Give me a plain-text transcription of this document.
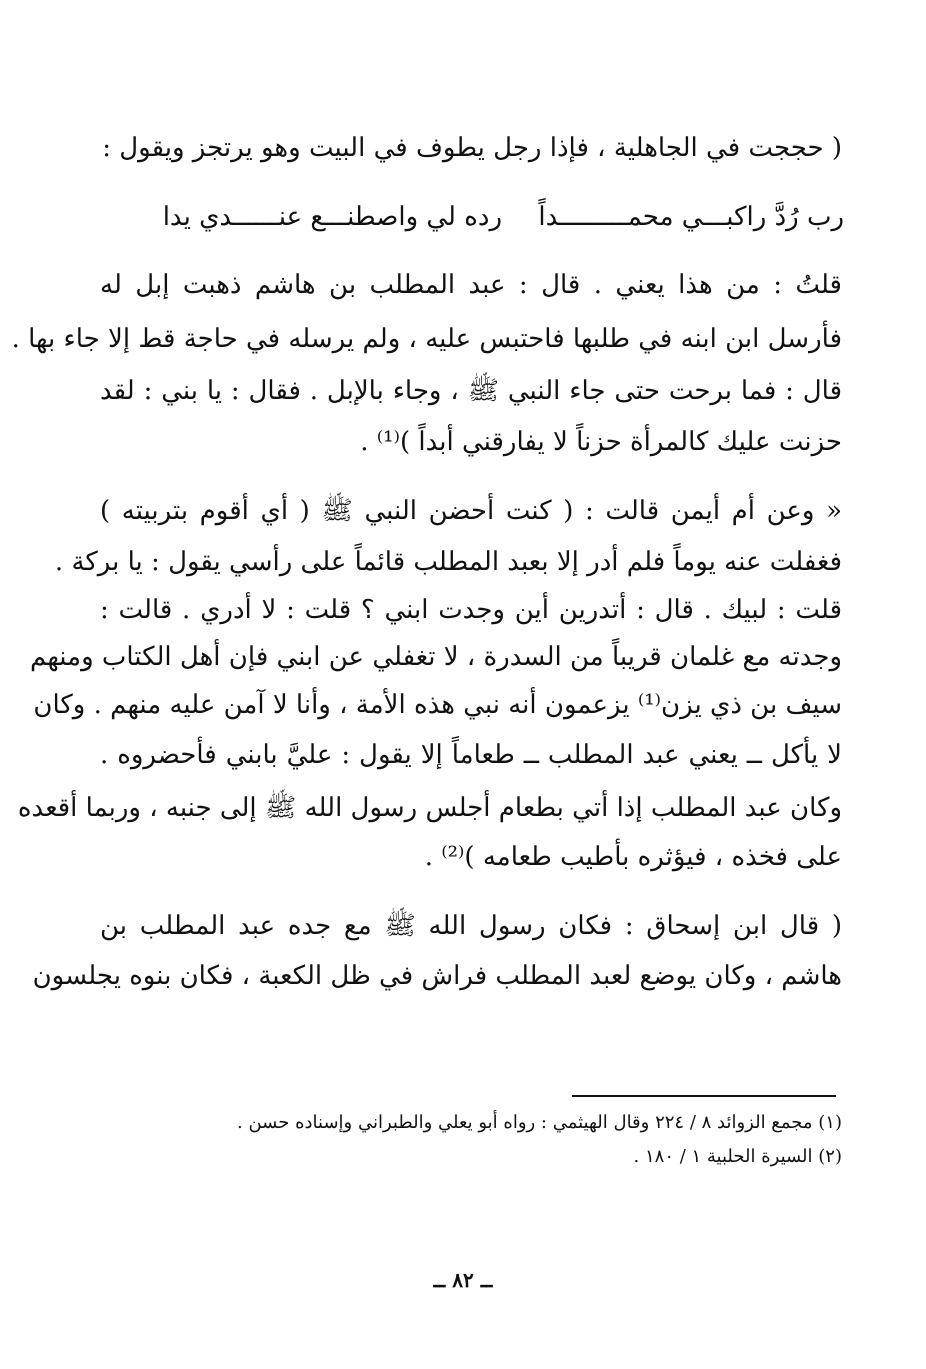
( حججت في الجاهلية ، فإذا رجل يطوف في البيت وهو يرتجز ويقول :
رب رُدَّ راكبـــي محمـــــــــداً
رده لي واصطنـــع عنــــــدي يدا
قلتُ : من هذا يعني . قال : عبد المطلب بن هاشم ذهبت إبل له
فأرسل ابن ابنه في طلبها فاحتبس عليه ، ولم يرسله في حاجة قط إلا جاء بها .
قال : فما برحت حتى جاء النبي ﷺ ، وجاء بالإبل . فقال : يا بني : لقد
حزنت عليك كالمرأة حزناً لا يفارقني أبداً )⁽¹⁾ .
« وعن أم أيمن قالت : ( كنت أحضن النبي ﷺ ( أي أقوم بتربيته )
فغفلت عنه يوماً فلم أدر إلا بعبد المطلب قائماً على رأسي يقول : يا بركة .
قلت : لبيك . قال : أتدرين أين وجدت ابني ؟ قلت : لا أدري . قالت :
وجدته مع غلمان قريباً من السدرة ، لا تغفلي عن ابني فإن أهل الكتاب ومنهم
سيف بن ذي يزن⁽¹⁾ يزعمون أنه نبي هذه الأمة ، وأنا لا آمن عليه منهم . وكان
لا يأكل ــ يعني عبد المطلب ــ طعاماً إلا يقول : عليَّ بابني فأحضروه .
وكان عبد المطلب إذا أتي بطعام أجلس رسول الله ﷺ إلى جنبه ، وربما أقعده
على فخذه ، فيؤثره بأطيب طعامه )⁽²⁾ .
( قال ابن إسحاق : فكان رسول الله ﷺ مع جده عبد المطلب بن
هاشم ، وكان يوضع لعبد المطلب فراش في ظل الكعبة ، فكان بنوه يجلسون
(١) مجمع الزوائد ٨ / ٢٢٤ وقال الهيثمي : رواه أبو يعلي والطبراني وإسناده حسن .
(٢) السيرة الحلبية ١ / ١٨٠ .
ــ ٨٢ ــ
